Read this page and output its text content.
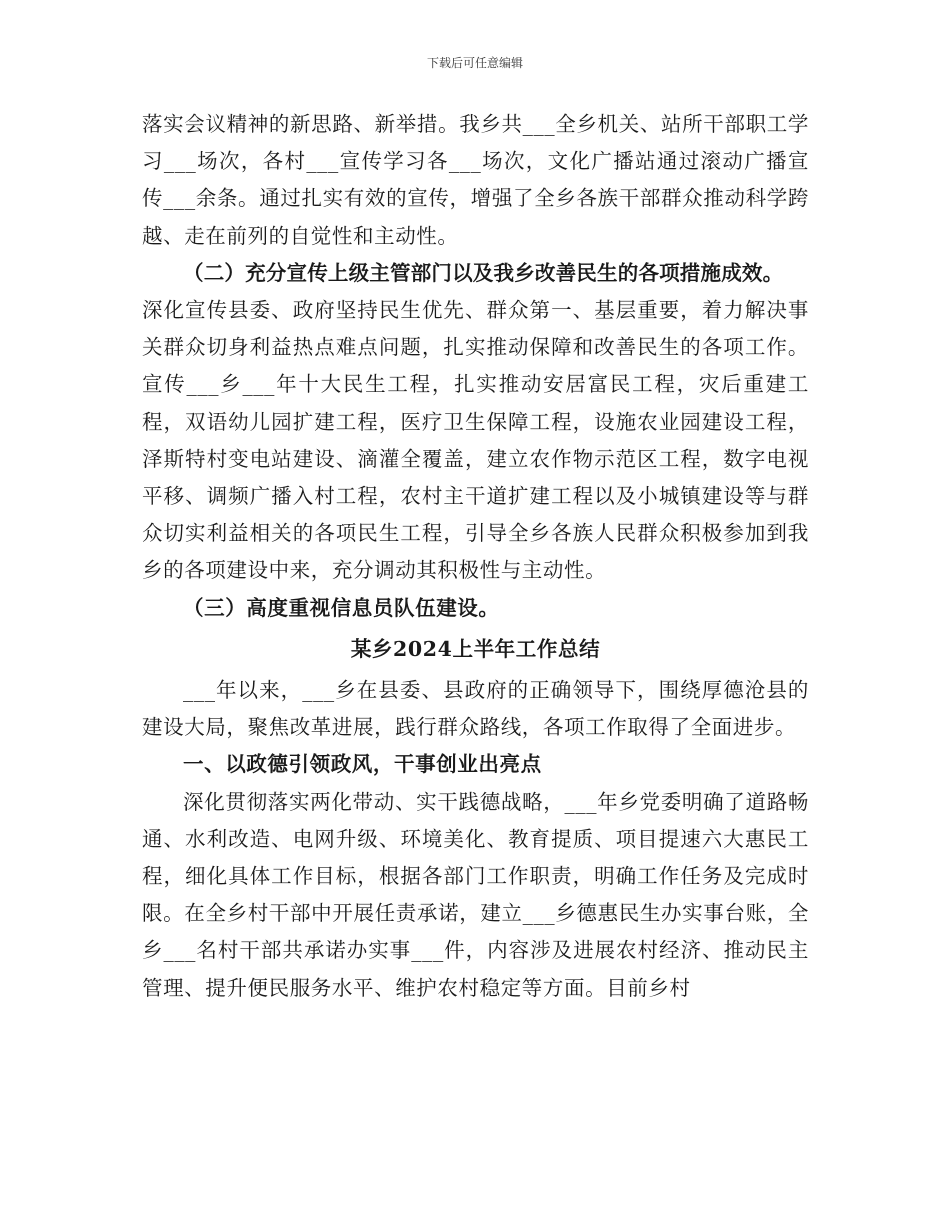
下载后可任意编辑

落实会议精神的新思路、新举措。我乡共___全乡机关、站所干部职工学习___场次，各村___宣传学习各___场次，文化广播站通过滚动广播宣传___余条。通过扎实有效的宣传，增强了全乡各族干部群众推动科学跨越、走在前列的自觉性和主动性。

（二）充分宣传上级主管部门以及我乡改善民生的各项措施成效。

深化宣传县委、政府坚持民生优先、群众第一、基层重要，着力解决事关群众切身利益热点难点问题，扎实推动保障和改善民生的各项工作。宣传___乡___年十大民生工程，扎实推动安居富民工程，灾后重建工程，双语幼儿园扩建工程，医疗卫生保障工程，设施农业园建设工程，泽斯特村变电站建设、滴灌全覆盖，建立农作物示范区工程，数字电视平移、调频广播入村工程，农村主干道扩建工程以及小城镇建设等与群众切实利益相关的各项民生工程，引导全乡各族人民群众积极参加到我乡的各项建设中来，充分调动其积极性与主动性。

（三）高度重视信息员队伍建设。

某乡2024上半年工作总结

___年以来，___乡在县委、县政府的正确领导下，围绕厚德沧县的建设大局，聚焦改革进展，践行群众路线，各项工作取得了全面进步。

一、以政德引领政风，干事创业出亮点

深化贯彻落实两化带动、实干践德战略，___年乡党委明确了道路畅通、水利改造、电网升级、环境美化、教育提质、项目提速六大惠民工程，细化具体工作目标，根据各部门工作职责，明确工作任务及完成时限。在全乡村干部中开展任责承诺，建立___乡德惠民生办实事台账，全乡___名村干部共承诺办实事___件，内容涉及进展农村经济、推动民主管理、提升便民服务水平、维护农村稳定等方面。目前乡村
